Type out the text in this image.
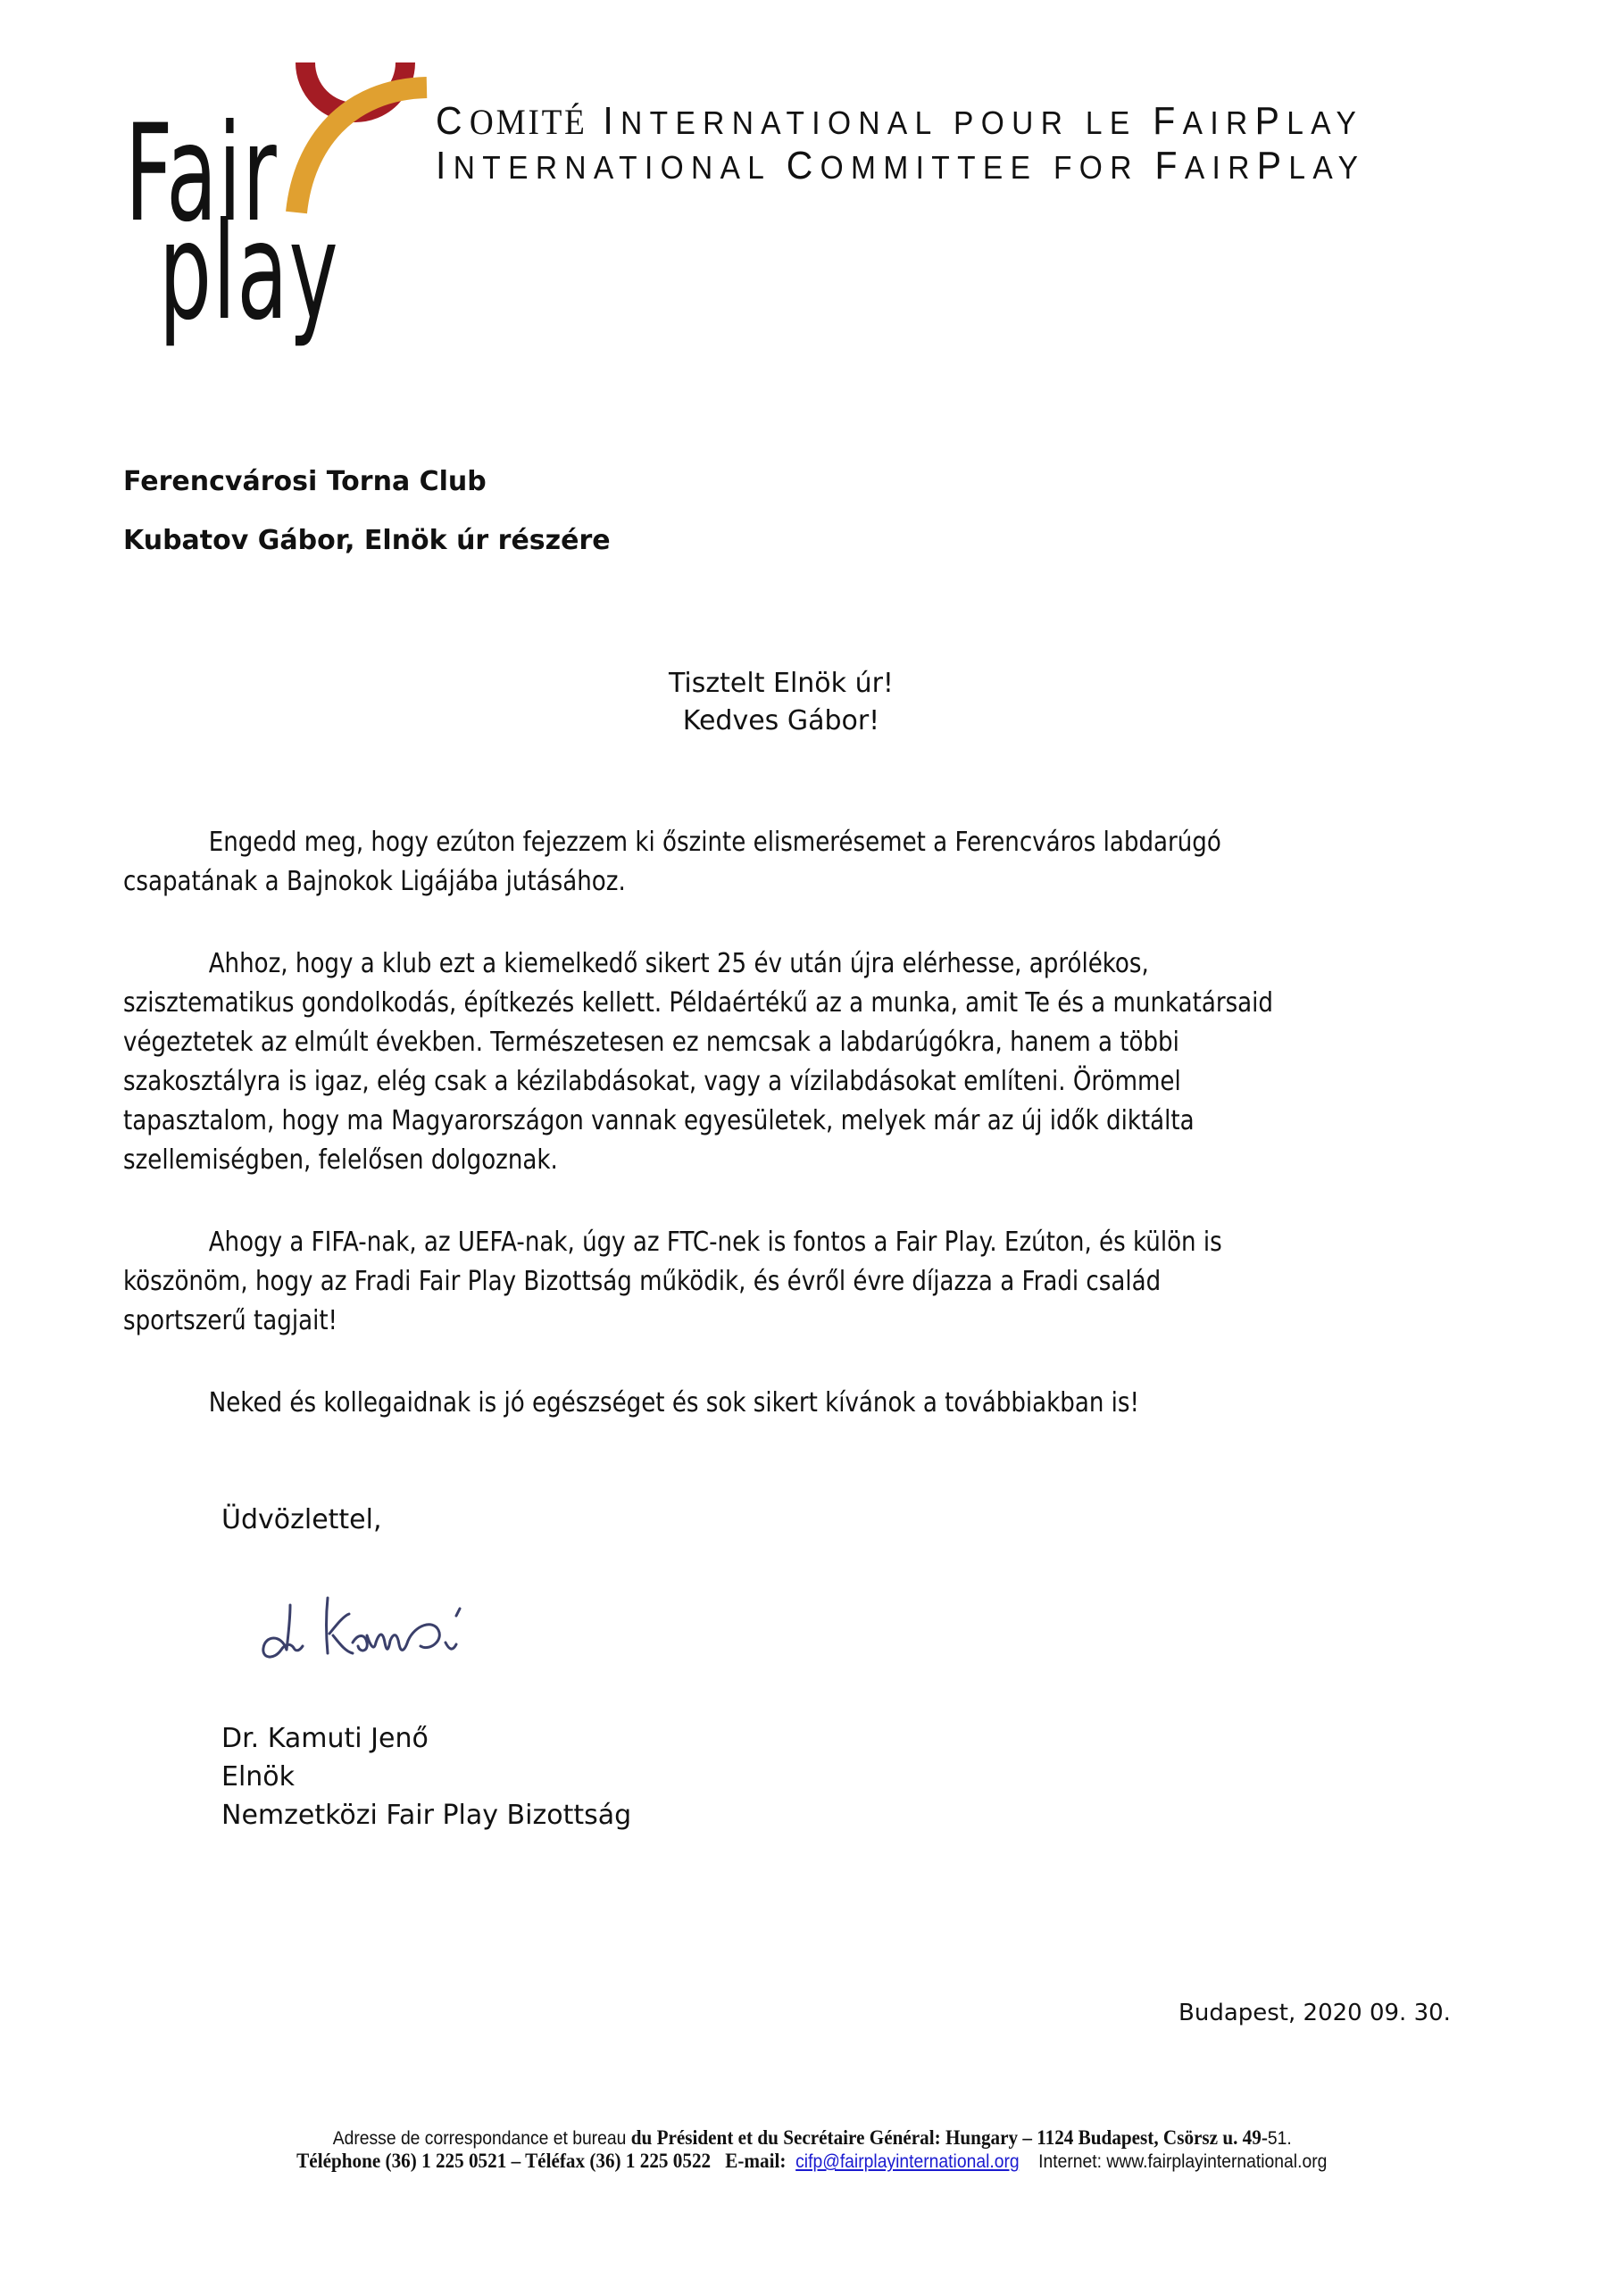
Fair
play
COMITÉ INTERNATIONAL POUR LE FAIRPLAY
INTERNATIONAL COMMITTEE FOR FAIRPLAY
Ferencvárosi Torna Club
Kubatov Gábor, Elnök úr részére
Tisztelt Elnök úr!
Kedves Gábor!
Engedd meg, hogy ezúton fejezzem ki őszinte elismerésemet a Ferencváros labdarúgó
csapatának a Bajnokok Ligájába jutásához.
Ahhoz, hogy a klub ezt a kiemelkedő sikert 25 év után újra elérhesse, aprólékos,
szisztematikus gondolkodás, építkezés kellett. Példaértékű az a munka, amit Te és a munkatársaid
végeztetek az elmúlt években. Természetesen ez nemcsak a labdarúgókra, hanem a többi
szakosztályra is igaz, elég csak a kézilabdásokat, vagy a vízilabdásokat említeni. Örömmel
tapasztalom, hogy ma Magyarországon vannak egyesületek, melyek már az új idők diktálta
szellemiségben, felelősen dolgoznak.
Ahogy a FIFA-nak, az UEFA-nak, úgy az FTC-nek is fontos a Fair Play. Ezúton, és külön is
köszönöm, hogy az Fradi Fair Play Bizottság működik, és évről évre díjazza a Fradi család
sportszerű tagjait!
Neked és kollegaidnak is jó egészséget és sok sikert kívánok a továbbiakban is!
Üdvözlettel,
Dr. Kamuti Jenő
Elnök
Nemzetközi Fair Play Bizottság
Budapest, 2020 09. 30.
Adresse de correspondance et bureau du Président et du Secrétaire Général: Hungary – 1124 Budapest, Csörsz u. 49-51.
Téléphone (36) 1 225 0521 – Téléfax (36) 1 225 0522 E-mail: cifp@fairplayinternational.org Internet: www.fairplayinternational.org
